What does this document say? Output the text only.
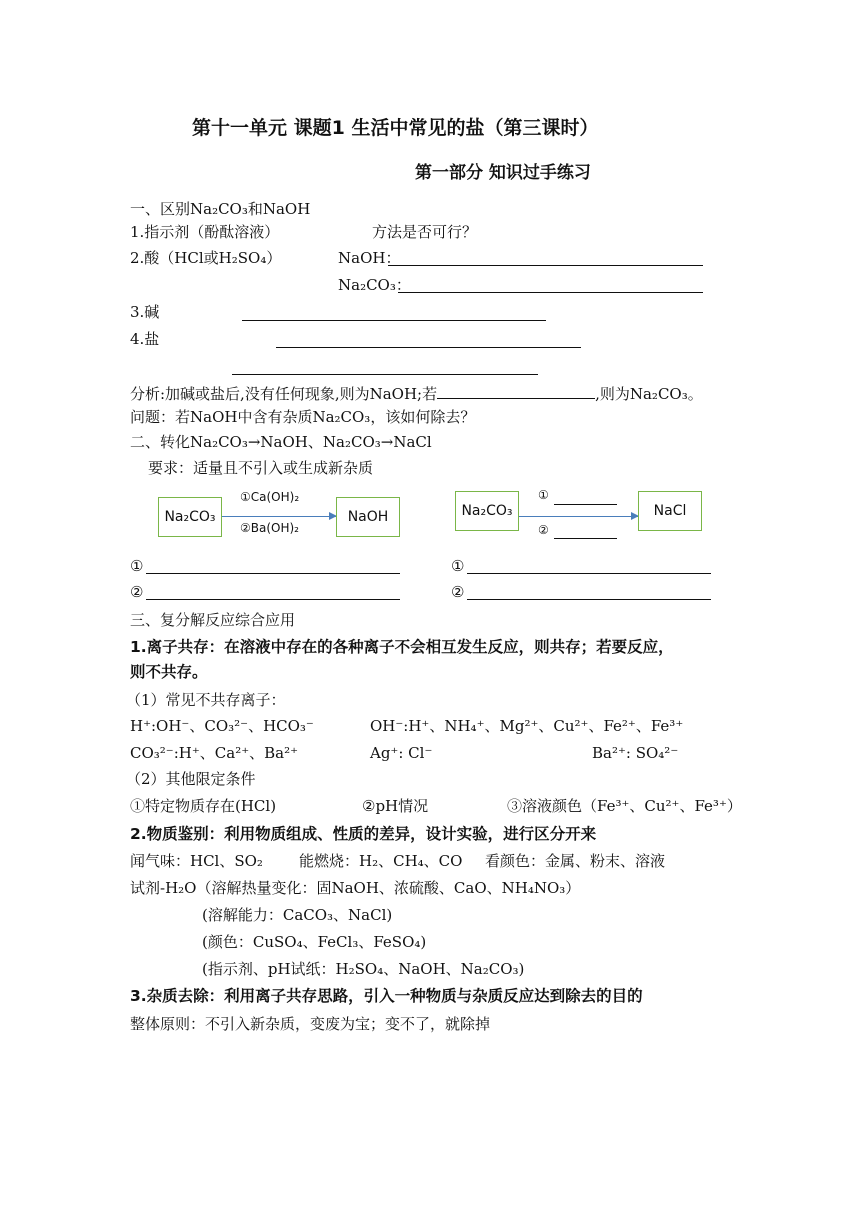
第十一单元 课题1 生活中常见的盐（第三课时）
第一部分 知识过手练习
一、区别Na₂CO₃和NaOH
1.指示剂（酚酞溶液）	方法是否可行？
2.酸（HCl或H₂SO₄）	NaOH：
Na₂CO₃：
3.碱
4.盐
分析:加碱或盐后,没有任何现象,则为NaOH;若	,则为Na₂CO₃。
问题：若NaOH中含有杂质Na₂CO₃，该如何除去？
二、转化Na₂CO₃→NaOH、Na₂CO₃→NaCl
要求：适量且不引入或生成新杂质
Na₂CO₃
①Ca(OH)₂
②Ba(OH)₂
NaOH	Na₂CO₃
①
②
NaCl
①	①
②	②
三、复分解反应综合应用
1.离子共存：在溶液中存在的各种离子不会相互发生反应，则共存；若要反应，
则不共存。
（1）常见不共存离子：
H⁺:OH⁻、CO₃²⁻、HCO₃⁻	OH⁻:H⁺、NH₄⁺、Mg²⁺、Cu²⁺、Fe²⁺、Fe³⁺
CO₃²⁻:H⁺、Ca²⁺、Ba²⁺	Ag⁺: Cl⁻	Ba²⁺: SO₄²⁻
（2）其他限定条件
①特定物质存在(HCl)	②pH情况	③溶液颜色（Fe³⁺、Cu²⁺、Fe³⁺）
2.物质鉴别：利用物质组成、性质的差异，设计实验，进行区分开来
闻气味：HCl、SO₂ 能燃烧：H₂、CH₄、CO 看颜色：金属、粉末、溶液
试剂-H₂O（溶解热量变化：固NaOH、浓硫酸、CaO、NH₄NO₃）
(溶解能力：CaCO₃、NaCl)
(颜色：CuSO₄、FeCl₃、FeSO₄)
(指示剂、pH试纸：H₂SO₄、NaOH、Na₂CO₃)
3.杂质去除：利用离子共存思路，引入一种物质与杂质反应达到除去的目的
整体原则：不引入新杂质，变废为宝；变不了，就除掉
